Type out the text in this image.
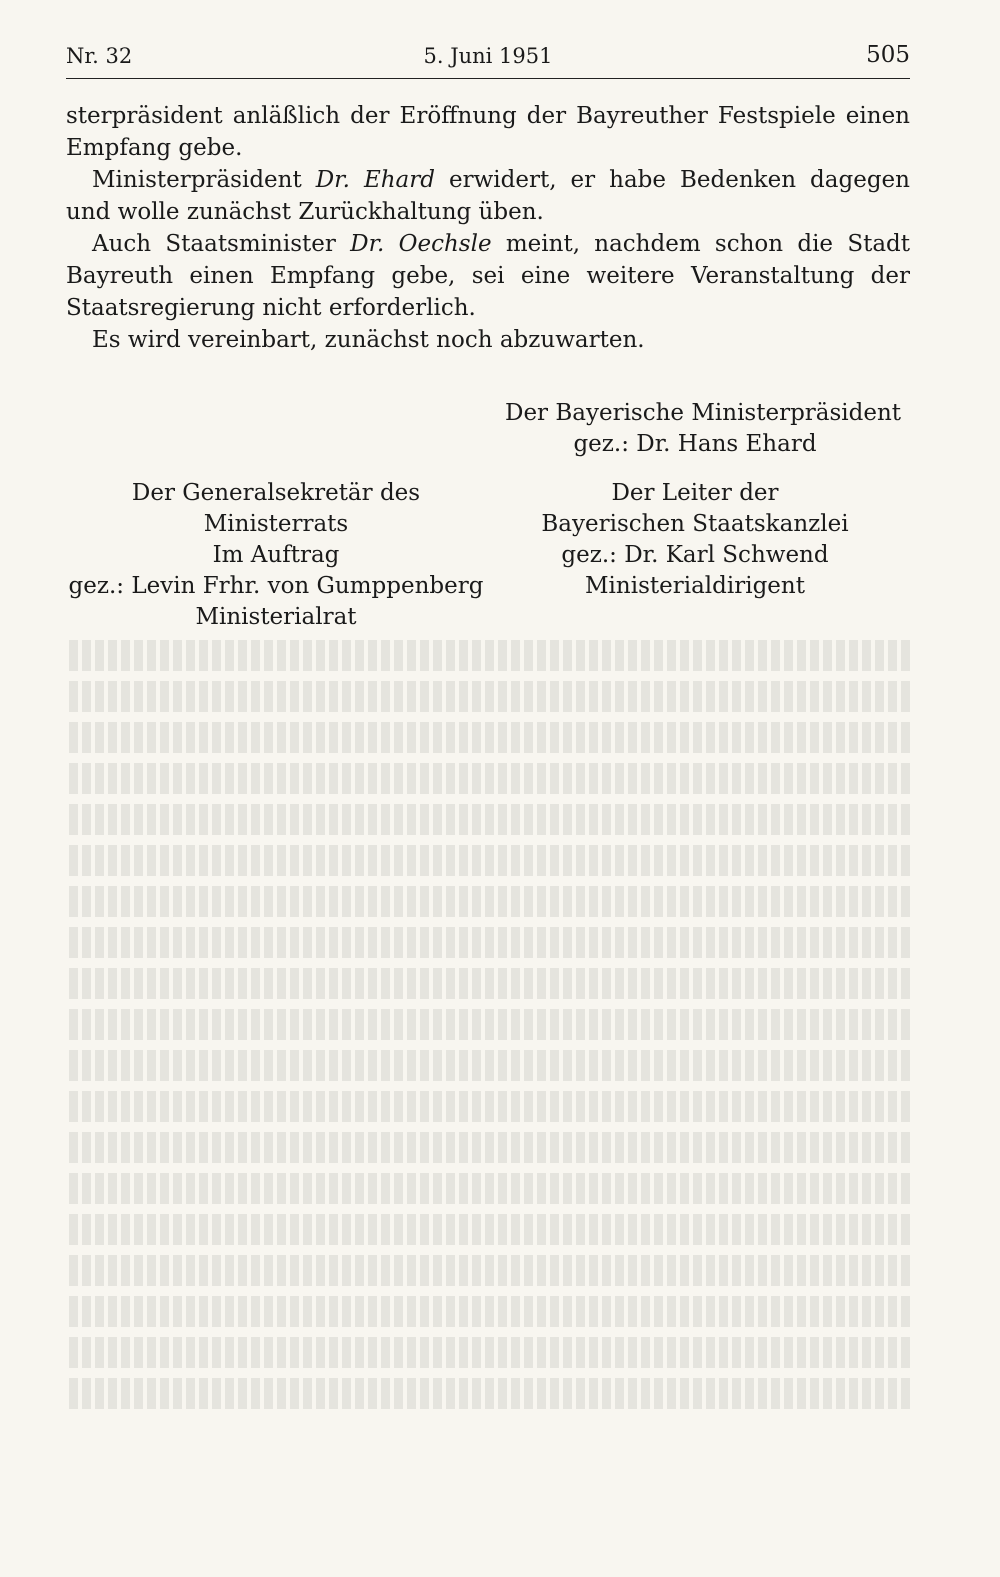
Nr. 32	5. Juni 1951	505

sterpräsident anläßlich der Eröffnung der Bayreuther Festspiele einen Empfang gebe.

Ministerpräsident Dr. Ehard erwidert, er habe Bedenken dagegen und wolle zunächst Zurückhaltung üben.

Auch Staatsminister Dr. Oechsle meint, nachdem schon die Stadt Bayreuth einen Empfang gebe, sei eine weitere Veranstaltung der Staatsregierung nicht erforderlich.

Es wird vereinbart, zunächst noch abzuwarten.

Der Bayerische Ministerpräsident
gez.: Dr. Hans Ehard
Der Generalsekretär des
Ministerrats
Im Auftrag
gez.: Levin Frhr. von Gumppenberg
Ministerialrat
Der Leiter der
Bayerischen Staatskanzlei
gez.: Dr. Karl Schwend
Ministerialdirigent
